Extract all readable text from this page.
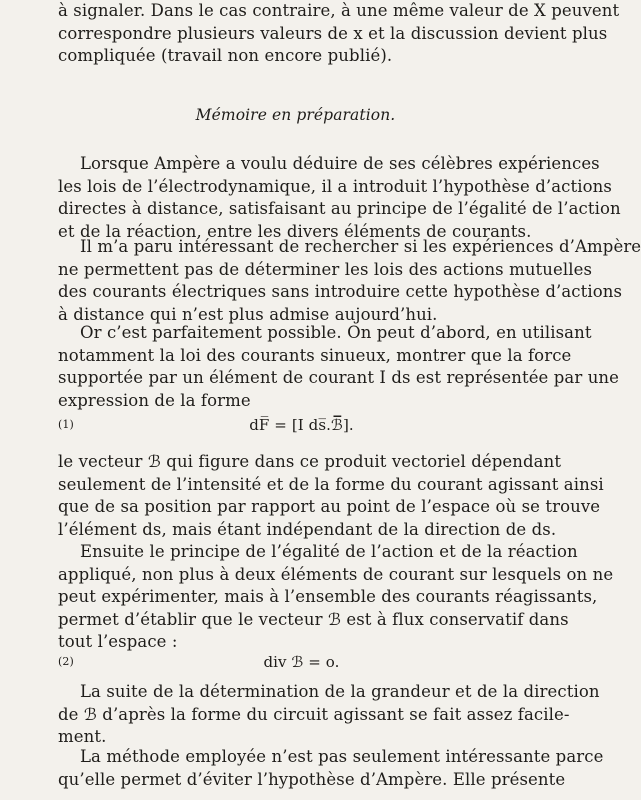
à signaler. Dans le cas contraire, à une même valeur de X peuvent
correspondre plusieurs valeurs de x et la discussion devient plus
compliquée (travail non encore publié).
Mémoire en préparation.
Lorsque Ampère a voulu déduire de ses célèbres expériences
les lois de l’électrodynamique, il a introduit l’hypothèse d’actions
directes à distance, satisfaisant au principe de l’égalité de l’action
et de la réaction, entre les divers éléments de courants.
Il m’a paru intéressant de rechercher si les expériences d’Ampère
ne permettent pas de déterminer les lois des actions mutuelles
des courants électriques sans introduire cette hypothèse d’actions
à distance qui n’est plus admise aujourd’hui.
Or c’est parfaitement possible. On peut d’abord, en utilisant
notamment la loi des courants sinueux, montrer que la force
supportée par un élément de courant I ds est représentée par une
expression de la forme
(1)	dF̅ = [I ds̅.ℬ̅].
le vecteur ℬ qui figure dans ce produit vectoriel dépendant
seulement de l’intensité et de la forme du courant agissant ainsi
que de sa position par rapport au point de l’espace où se trouve
l’élément ds, mais étant indépendant de la direction de ds.
Ensuite le principe de l’égalité de l’action et de la réaction
appliqué, non plus à deux éléments de courant sur lesquels on ne
peut expérimenter, mais à l’ensemble des courants réagissants,
permet d’établir que le vecteur ℬ est à flux conservatif dans
tout l’espace :
(2)	div ℬ = o.
La suite de la détermination de la grandeur et de la direction
de ℬ d’après la forme du circuit agissant se fait assez facile-
ment.
La méthode employée n’est pas seulement intéressante parce
qu’elle permet d’éviter l’hypothèse d’Ampère. Elle présente
